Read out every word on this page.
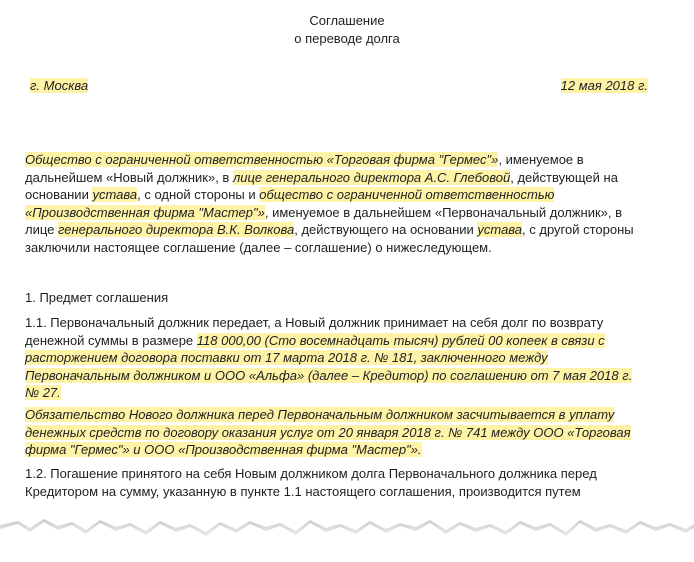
Соглашение
о переводе долга
г. Москва	12 мая 2018 г.
Общество с ограниченной ответственностью «Торговая фирма "Гермес"», именуемое в дальнейшем «Новый должник», в лице генерального директора А.С. Глебовой, действующей на основании устава, с одной стороны и общество с ограниченной ответственностью «Производственная фирма "Мастер"», именуемое в дальнейшем «Первоначальный должник», в лице генерального директора В.К. Волкова, действующего на основании устава, с другой стороны заключили настоящее соглашение (далее – соглашение) о нижеследующем.
1. Предмет соглашения
1.1. Первоначальный должник передает, а Новый должник принимает на себя долг по возврату денежной суммы в размере 118 000,00 (Сто восемнадцать тысяч) рублей 00 копеек в связи с расторжением договора поставки от 17 марта 2018 г. № 181, заключенного между Первоначальным должником и ООО «Альфа» (далее – Кредитор) по соглашению от 7 мая 2018 г. № 27.
Обязательство Нового должника перед Первоначальным должником засчитывается в уплату денежных средств по договору оказания услуг от 20 января 2018 г. № 741 между ООО «Торговая фирма "Гермес"» и ООО «Производственная фирма "Мастер"».
1.2. Погашение принятого на себя Новым должником долга Первоначального должника перед Кредитором на сумму, указанную в пункте 1.1 настоящего соглашения, производится путем
